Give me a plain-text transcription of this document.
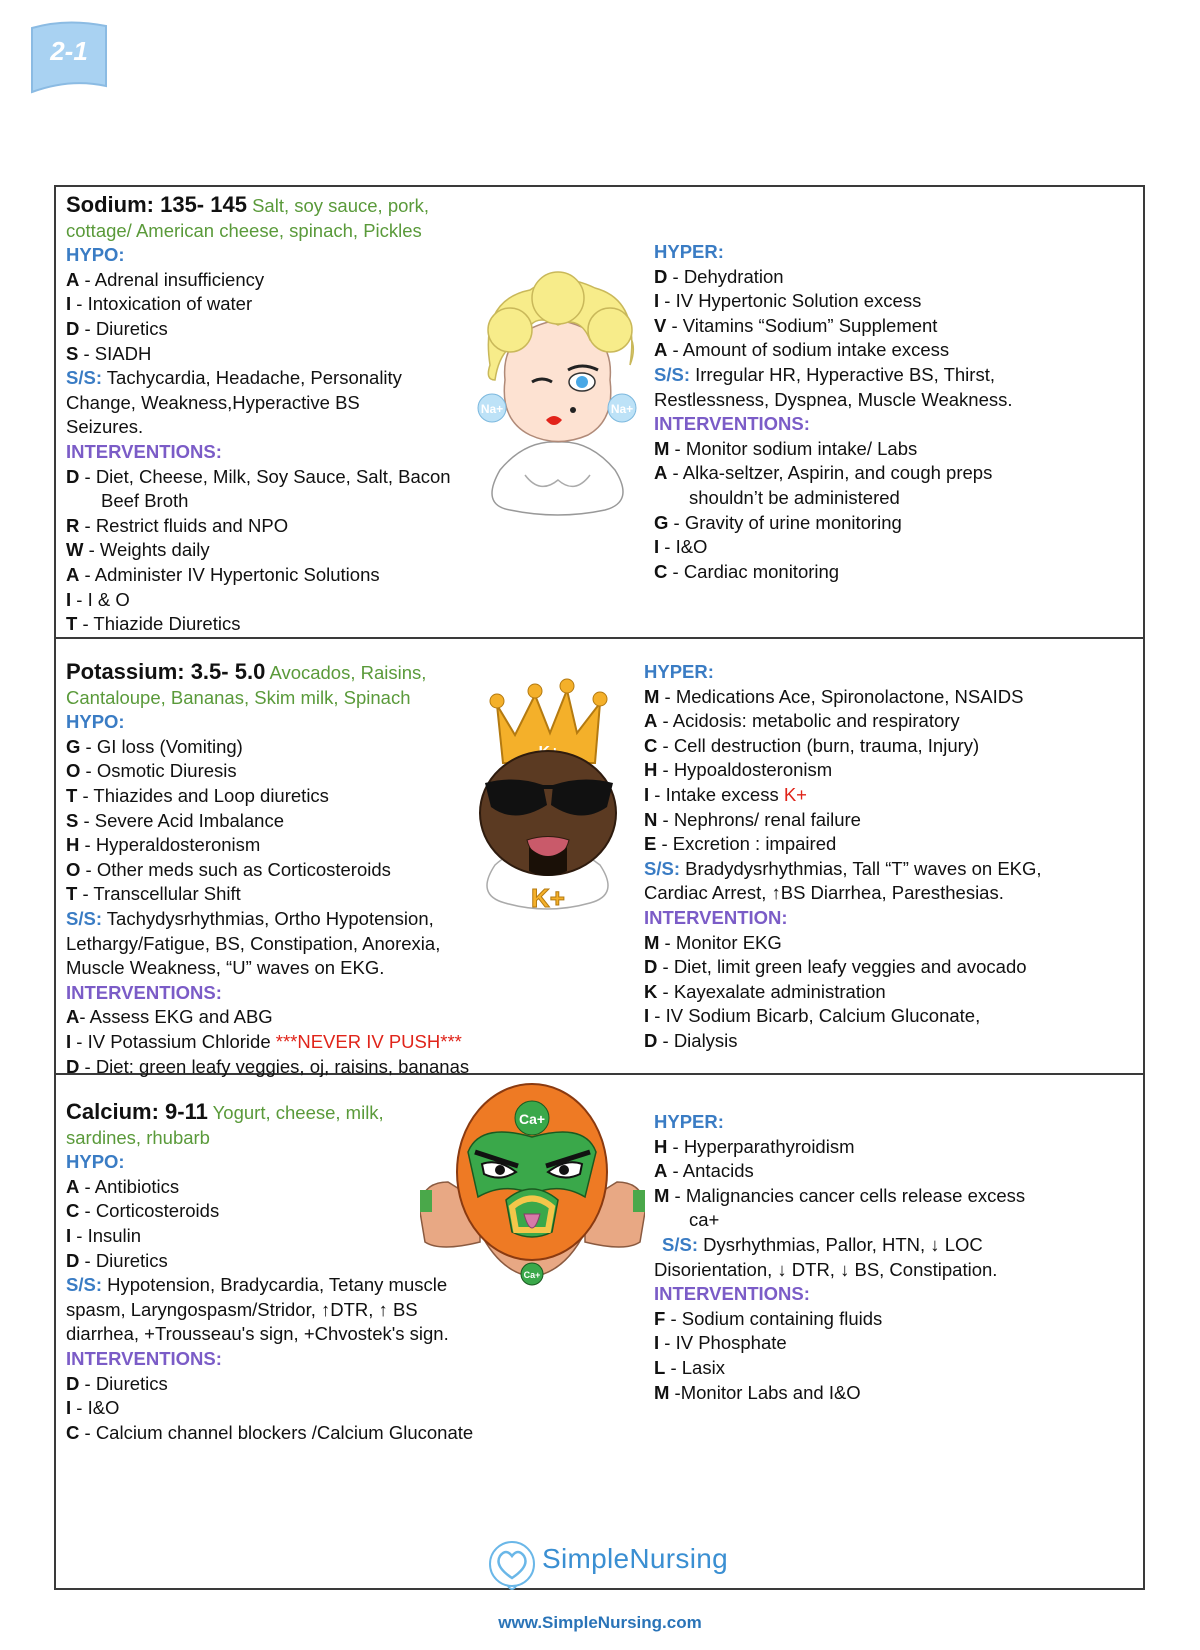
2-1
Sodium: 135- 145 Salt, soy sauce, pork,
cottage/ American cheese, spinach, Pickles
HYPO:
A - Adrenal insufficiency
I - Intoxication of water
D - Diuretics
S - SIADH
S/S: Tachycardia, Headache, Personality
Change, Weakness,Hyperactive BS
Seizures.
INTERVENTIONS:
D - Diet, Cheese, Milk, Soy Sauce, Salt, Bacon
Beef Broth
R - Restrict fluids and NPO
W - Weights daily
A - Administer IV Hypertonic Solutions
I - I & O
T - Thiazide Diuretics
HYPER:
D - Dehydration
I - IV Hypertonic Solution excess
V - Vitamins “Sodium” Supplement
A - Amount of sodium intake excess
S/S: Irregular HR, Hyperactive BS, Thirst,
Restlessness, Dyspnea, Muscle Weakness.
INTERVENTIONS:
M - Monitor sodium intake/ Labs
A - Alka-seltzer, Aspirin, and cough preps
shouldn’t be administered
G - Gravity of urine monitoring
I - I&O
C - Cardiac monitoring
Na+	Na+
Potassium: 3.5- 5.0 Avocados, Raisins,
Cantaloupe, Bananas, Skim milk, Spinach
HYPO:
G - GI loss (Vomiting)
O - Osmotic Diuresis
T - Thiazides and Loop diuretics
S - Severe Acid Imbalance
H - Hyperaldosteronism
O - Other meds such as Corticosteroids
T - Transcellular Shift
S/S: Tachydysrhythmias, Ortho Hypotension,
Lethargy/Fatigue, BS, Constipation, Anorexia,
Muscle Weakness, “U” waves on EKG.
INTERVENTIONS:
A- Assess EKG and ABG
I - IV Potassium Chloride ***NEVER IV PUSH***
D - Diet: green leafy veggies, oj, raisins, bananas
HYPER:
M - Medications Ace, Spironolactone, NSAIDS
A - Acidosis: metabolic and respiratory
C - Cell destruction (burn, trauma, Injury)
H - Hypoaldosteronism
I - Intake excess K+
N - Nephrons/ renal failure
E - Excretion : impaired
S/S: Bradydysrhythmias, Tall “T” waves on EKG,
Cardiac Arrest, ↑BS Diarrhea, Paresthesias.
INTERVENTION:
M - Monitor EKG
D - Diet, limit green leafy veggies and avocado
K - Kayexalate administration
I - IV Sodium Bicarb, Calcium Gluconate,
D - Dialysis
K+
Calcium: 9-11 Yogurt, cheese, milk,
sardines, rhubarb
HYPO:
A - Antibiotics
C - Corticosteroids
I - Insulin
D - Diuretics
S/S: Hypotension, Bradycardia, Tetany muscle
spasm, Laryngospasm/Stridor, ↑DTR, ↑ BS
diarrhea, +Trousseau's sign, +Chvostek's sign.
INTERVENTIONS:
D - Diuretics
I - I&O
C - Calcium channel blockers /Calcium Gluconate
HYPER:
H - Hyperparathyroidism
A - Antacids
M - Malignancies cancer cells release excess
ca+
S/S: Dysrhythmias, Pallor, HTN, ↓ LOC
Disorientation, ↓ DTR, ↓ BS, Constipation.
INTERVENTIONS:
F - Sodium containing fluids
I - IV Phosphate
L - Lasix
M -Monitor Labs and I&O
Ca+
Ca+
SimpleNursing
www.SimpleNursing.com
